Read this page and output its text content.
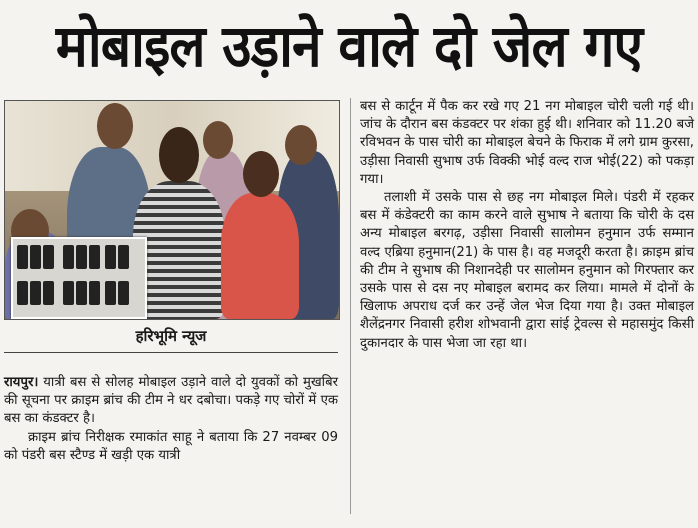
मोबाइल उड़ाने वाले दो जेल गए
हरिभूमि न्यूज

रायपुर। यात्री बस से सोलह मोबाइल उड़ाने वाले दो युवकों को मुखबिर की सूचना पर क्राइम ब्रांच की टीम ने धर दबोचा। पकड़े गए चोरों में एक बस का कंडक्टर है।

क्राइम ब्रांच निरीक्षक रमाकांत साहू ने बताया कि 27 नवम्बर 09 को पंडरी बस स्टैण्ड में खड़ी एक यात्री

बस से कार्टून में पैक कर रखे गए 21 नग मोबाइल चोरी चली गई थी। जांच के दौरान बस कंडक्टर पर शंका हुई थी। शनिवार को 11.20 बजे रविभवन के पास चोरी का मोबाइल बेचने के फिराक में लगे ग्राम कुरसा, उड़ीसा निवासी सुभाष उर्फ विक्की भोई वल्द राज भोई(22) को पकड़ा गया।

तलाशी में उसके पास से छह नग मोबाइल मिले। पंडरी में रहकर बस में कंडेक्टरी का काम करने वाले सुभाष ने बताया कि चोरी के दस अन्य मोबाइल बरगढ़, उड़ीसा निवासी सालोमन हनुमान उर्फ सम्मान वल्द एब्रिया हनुमान(21) के पास है। वह मजदूरी करता है। क्राइम ब्रांच की टीम ने सुभाष की निशानदेही पर सालोमन हनुमान को गिरफ्तार कर उसके पास से दस नए मोबाइल बरामद कर लिया। मामले में दोनों के खिलाफ अपराध दर्ज कर उन्हें जेल भेज दिया गया है। उक्त मोबाइल शैलेंद्रनगर निवासी हरीश शोभवानी द्वारा सांई ट्रेवल्स से महासमुंद किसी दुकानदार के पास भेजा जा रहा था।
